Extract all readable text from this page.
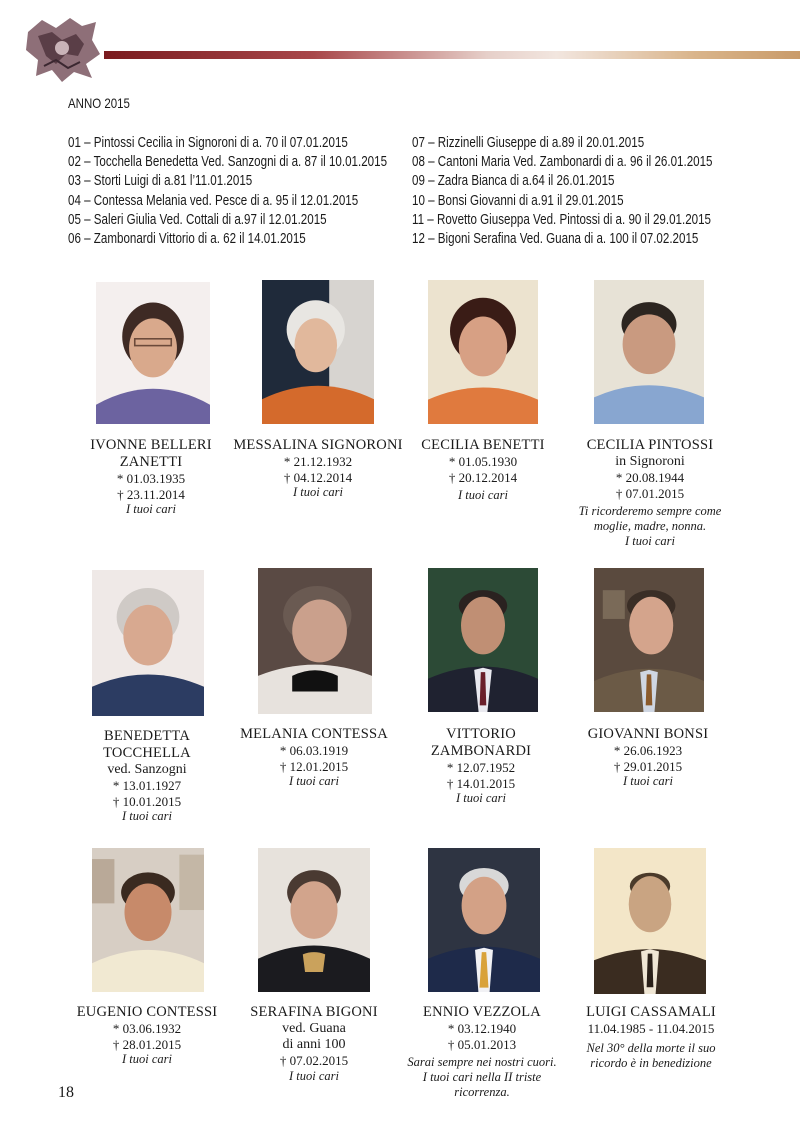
ANNO 2015
01 – Pintossi Cecilia in Signoroni di a. 70 il 07.01.2015
02 – Tocchella Benedetta Ved. Sanzogni di a. 87 il 10.01.2015
03 – Storti Luigi di a.81 l’11.01.2015
04 – Contessa Melania ved. Pesce di a. 95 il 12.01.2015
05 – Saleri Giulia Ved. Cottali di a.97 il 12.01.2015
06 – Zambonardi Vittorio di a. 62 il 14.01.2015
07 – Rizzinelli Giuseppe di a.89 il 20.01.2015
08 – Cantoni Maria Ved. Zambonardi di a. 96 il 26.01.2015
09 – Zadra Bianca di a.64 il 26.01.2015
10 – Bonsi Giovanni di a.91 il 29.01.2015
11 – Rovetto Giuseppa Ved. Pintossi di a. 90 il 29.01.2015
12 – Bigoni Serafina Ved. Guana di a. 100 il 07.02.2015
IVONNE BELLERI
ZANETTI
* 01.03.1935
† 23.11.2014
I tuoi cari
MESSALINA SIGNORONI
* 21.12.1932
† 04.12.2014
I tuoi cari
CECILIA BENETTI
* 01.05.1930
† 20.12.2014
I tuoi cari
CECILIA PINTOSSI
in Signoroni
* 20.08.1944
† 07.01.2015
Ti ricorderemo sempre come
moglie, madre, nonna.
I tuoi cari
BENEDETTA
TOCCHELLA
ved. Sanzogni
* 13.01.1927
† 10.01.2015
I tuoi cari
MELANIA CONTESSA
* 06.03.1919
† 12.01.2015
I tuoi cari
VITTORIO
ZAMBONARDI
* 12.07.1952
† 14.01.2015
I tuoi cari
GIOVANNI BONSI
* 26.06.1923
† 29.01.2015
I tuoi cari
EUGENIO CONTESSI
* 03.06.1932
† 28.01.2015
I tuoi cari
SERAFINA BIGONI
ved. Guana
di anni 100
† 07.02.2015
I tuoi cari
ENNIO VEZZOLA
* 03.12.1940
† 05.01.2013
Sarai sempre nei nostri cuori.
I tuoi cari nella II triste
ricorrenza.
LUIGI CASSAMALI
11.04.1985 - 11.04.2015
Nel 30° della morte il suo
ricordo è in benedizione
18
